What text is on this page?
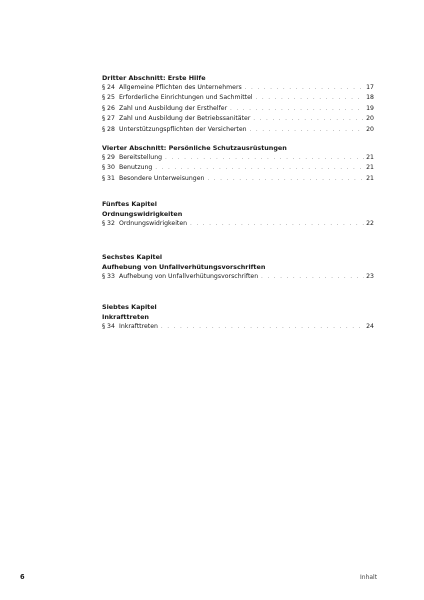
Dritter Abschnitt: Erste Hilfe
§ 24 Allgemeine Pflichten des Unternehmers . . .	17
§ 25 Erforderliche Einrichtungen und Sachmittel . . .	18
§ 26 Zahl und Ausbildung der Ersthelfer . . .	19
§ 27 Zahl und Ausbildung der Betriebssanitäter . . .	20
§ 28 Unterstützungspflichten der Versicherten . . .	20
Vierter Abschnitt: Persönliche Schutzausrüstungen
§ 29 Bereitstellung . . .	21
§ 30 Benutzung . . .	21
§ 31 Besondere Unterweisungen . . .	21
Fünftes Kapitel
Ordnungswidrigkeiten
§ 32 Ordnungswidrigkeiten . . .	22
Sechstes Kapitel
Aufhebung von Unfallverhütungsvorschriften
§ 33 Aufhebung von Unfallverhütungsvorschriften . . .	23
Siebtes Kapitel
Inkrafttreten
§ 34 Inkrafttreten . . .	24
6	Inhalt
